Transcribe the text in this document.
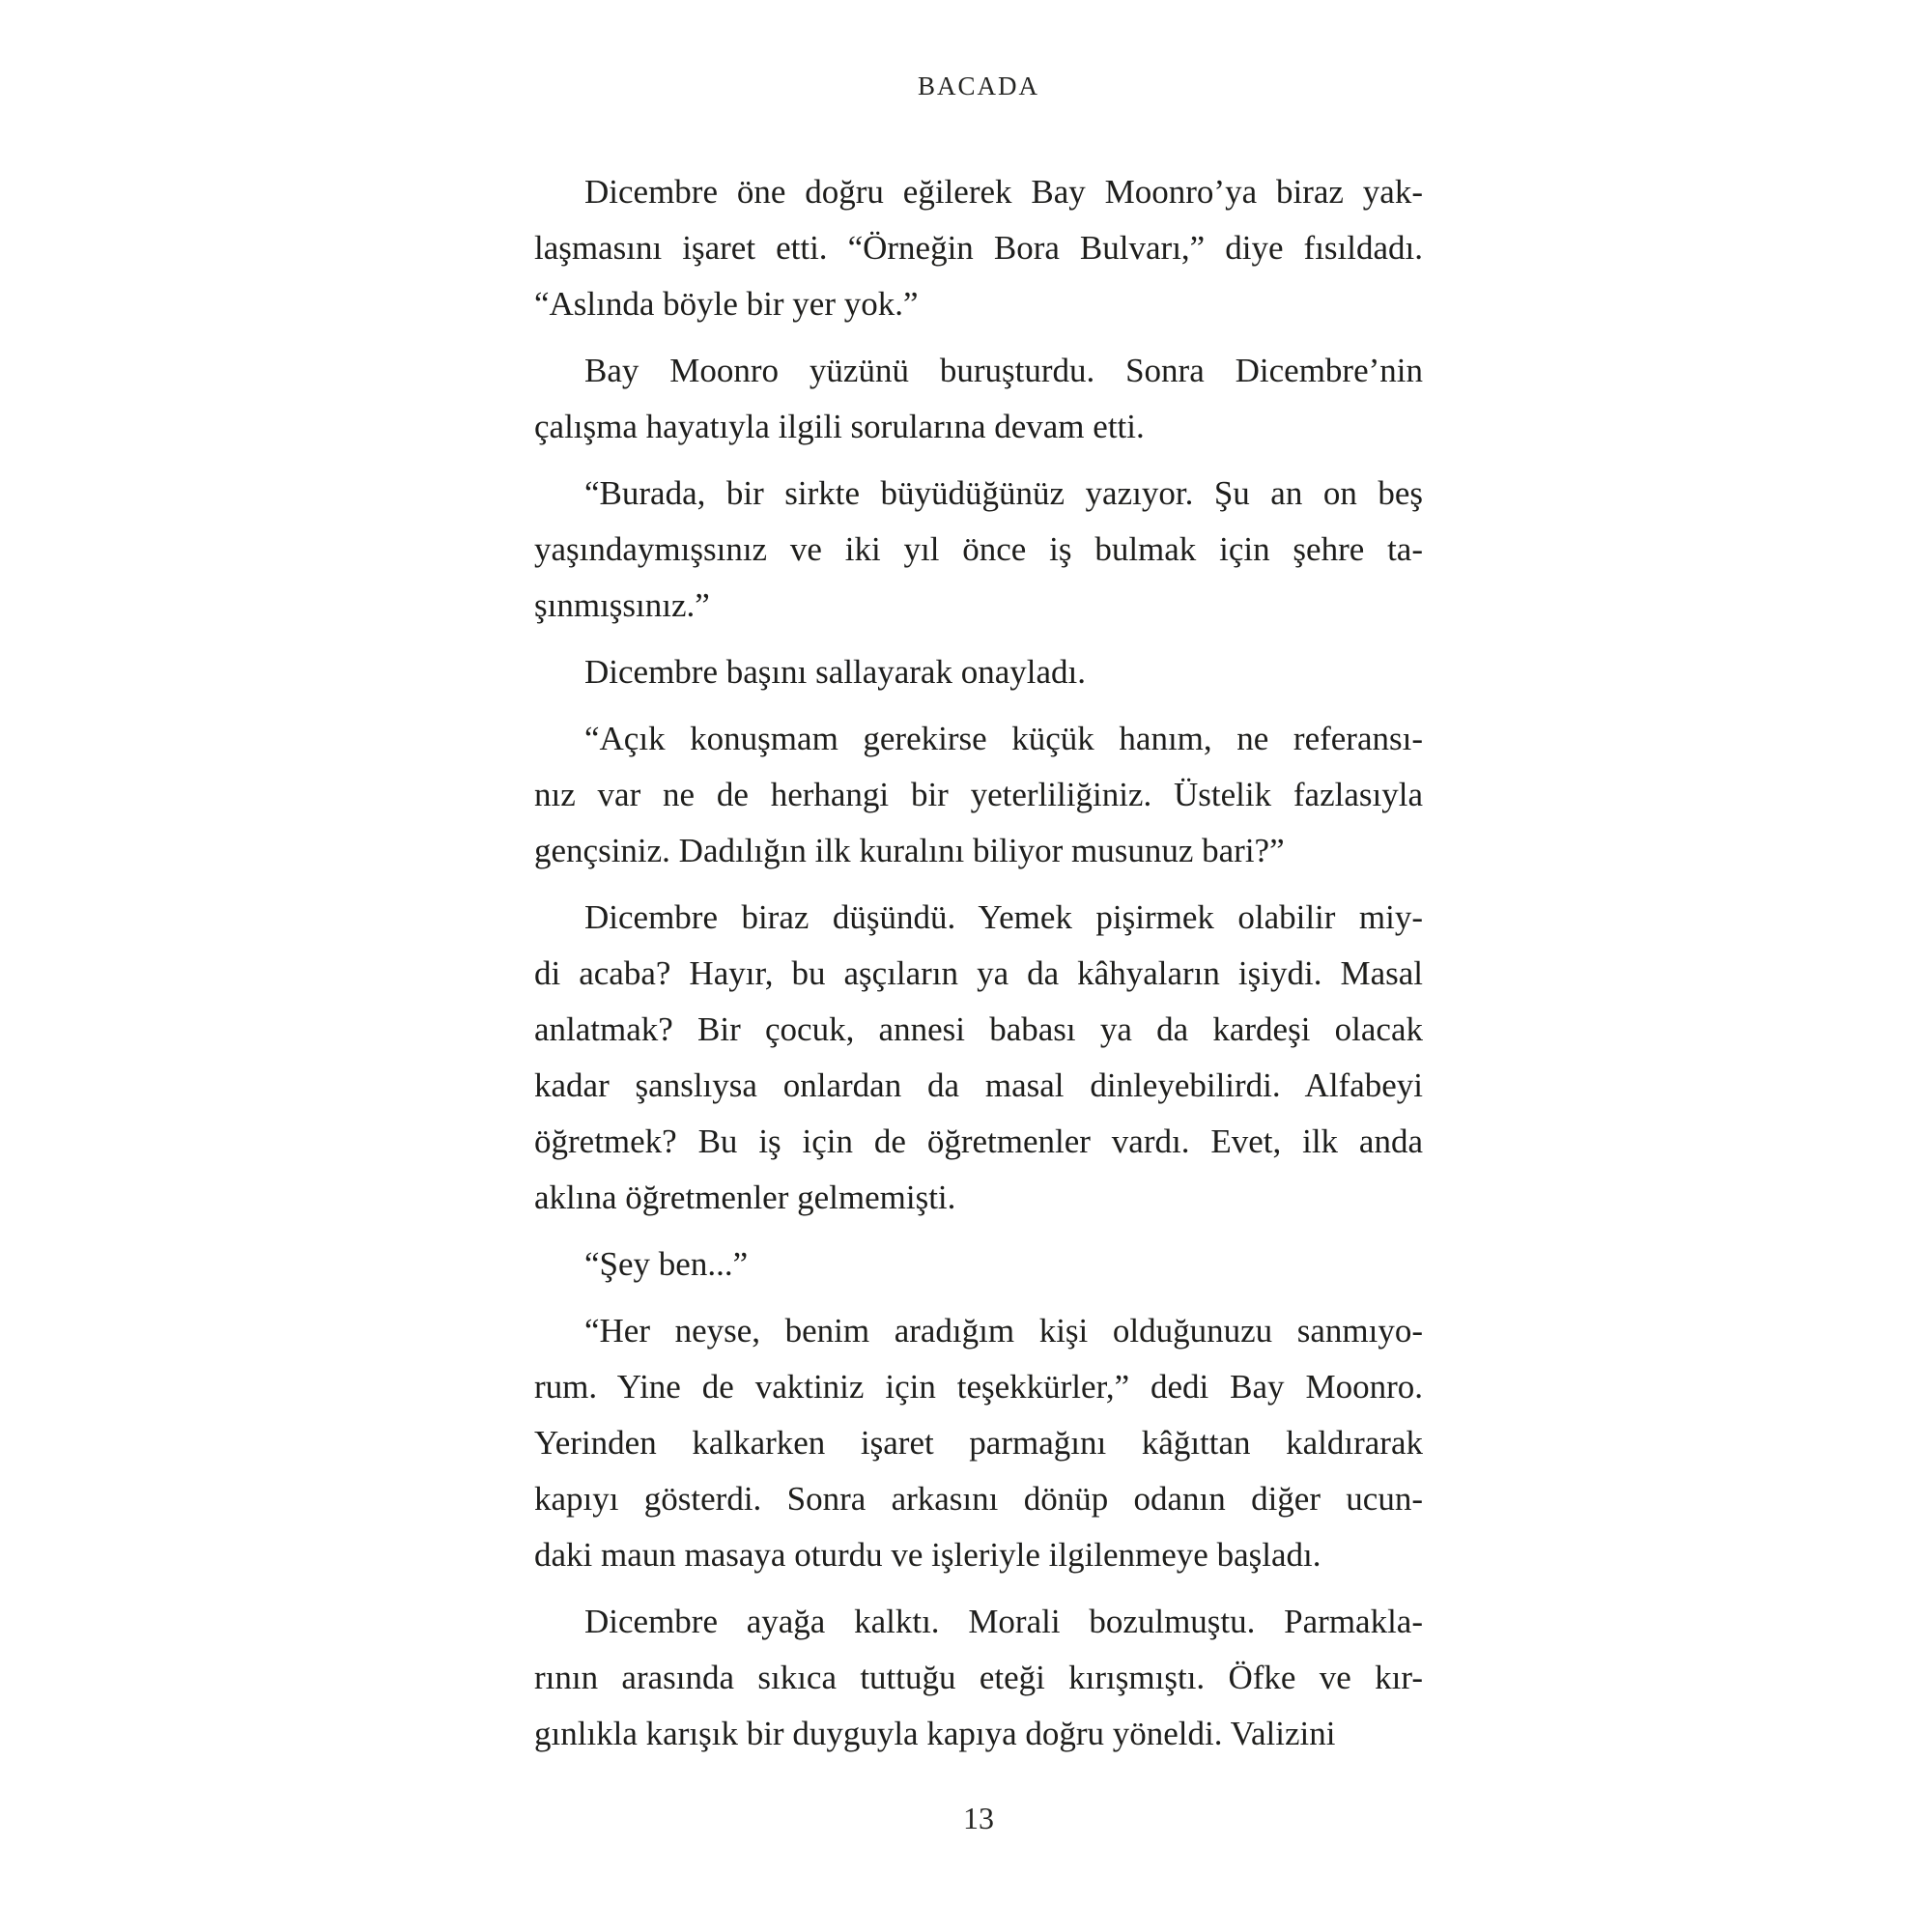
BACADA
Dicembre öne doğru eğilerek Bay Moonro’ya biraz yak-
laşmasını işaret etti. “Örneğin Bora Bulvarı,” diye fısıldadı.
“Aslında böyle bir yer yok.”
Bay Moonro yüzünü buruşturdu. Sonra Dicembre’nin
çalışma hayatıyla ilgili sorularına devam etti.
“Burada, bir sirkte büyüdüğünüz yazıyor. Şu an on beş
yaşındaymışsınız ve iki yıl önce iş bulmak için şehre ta-
şınmışsınız.”
Dicembre başını sallayarak onayladı.
“Açık konuşmam gerekirse küçük hanım, ne referansı-
nız var ne de herhangi bir yeterliliğiniz. Üstelik fazlasıyla
gençsiniz. Dadılığın ilk kuralını biliyor musunuz bari?”
Dicembre biraz düşündü. Yemek pişirmek olabilir miy-
di acaba? Hayır, bu aşçıların ya da kâhyaların işiydi. Masal
anlatmak? Bir çocuk, annesi babası ya da kardeşi olacak
kadar şanslıysa onlardan da masal dinleyebilirdi. Alfabeyi
öğretmek? Bu iş için de öğretmenler vardı. Evet, ilk anda
aklına öğretmenler gelmemişti.
“Şey ben...”
“Her neyse, benim aradığım kişi olduğunuzu sanmıyo-
rum. Yine de vaktiniz için teşekkürler,” dedi Bay Moonro.
Yerinden kalkarken işaret parmağını kâğıttan kaldırarak
kapıyı gösterdi. Sonra arkasını dönüp odanın diğer ucun-
daki maun masaya oturdu ve işleriyle ilgilenmeye başladı.
Dicembre ayağa kalktı. Morali bozulmuştu. Parmakla-
rının arasında sıkıca tuttuğu eteği kırışmıştı. Öfke ve kır-
gınlıkla karışık bir duyguyla kapıya doğru yöneldi. Valizini
13
